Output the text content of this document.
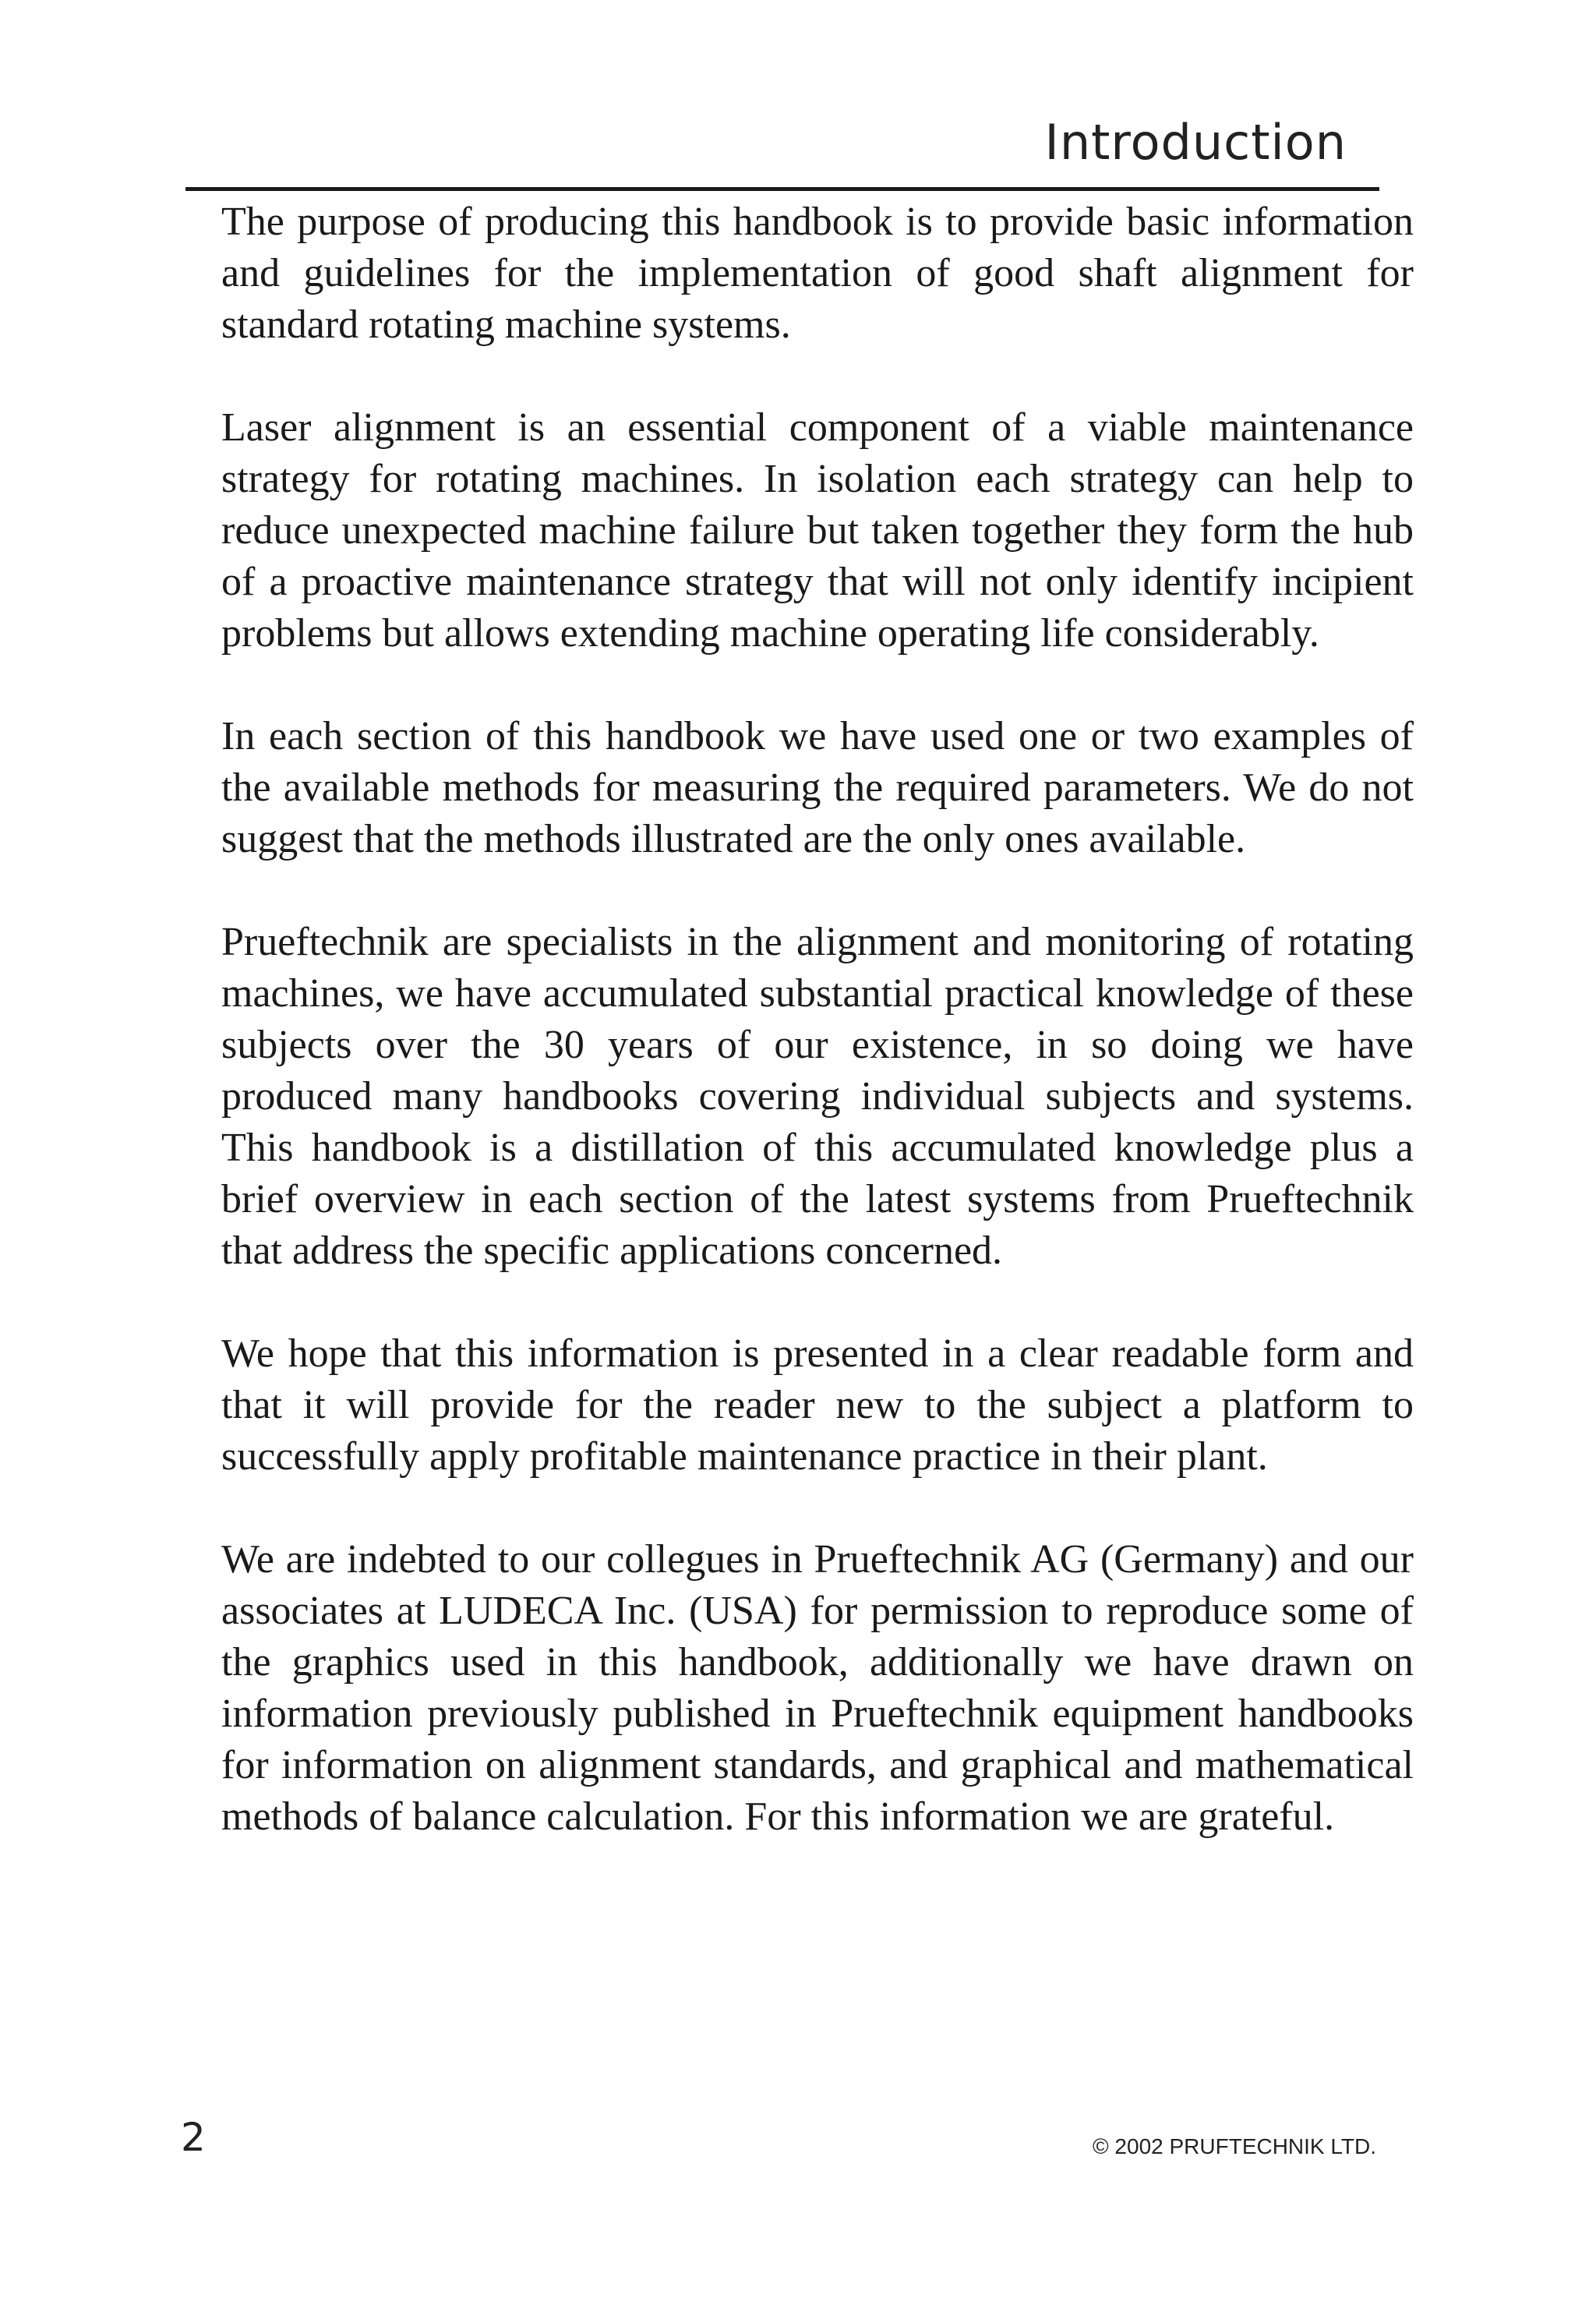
Introduction

The purpose of producing this handbook is to provide basic information and guidelines for the implementation of good shaft alignment for standard rotating machine systems.

Laser alignment is an essential component of a viable maintenance strategy for rotating machines. In isolation each strategy can help to reduce unexpected machine failure but taken together they form the hub of a proactive maintenance strategy that will not only identify incipient problems but allows extending machine operating life considerably.

In each section of this handbook we have used one or two examples of the available methods for measuring the required parameters. We do not suggest that the methods illustrated are the only ones available.

Prueftechnik are specialists in the alignment and monitoring of rotating machines, we have accumulated substantial practical knowledge of these subjects over the 30 years of our existence, in so doing we have produced many handbooks covering individual subjects and systems. This handbook is a distillation of this accumulated knowledge plus a brief overview in each section of the latest systems from Prueftechnik that address the specific applications concerned.

We hope that this information is presented in a clear readable form and that it will provide for the reader new to the subject a platform to successfully apply profitable maintenance practice in their plant.

We are indebted to our collegues in Prueftechnik AG (Germany) and our associates at LUDECA Inc. (USA) for permission to reproduce some of the graphics used in this handbook, additionally we have drawn on information previously published in Prueftechnik equipment handbooks for information on alignment standards, and graphical and mathematical methods of balance calculation. For this information we are grateful.

2	© 2002 PRUFTECHNIK LTD.
